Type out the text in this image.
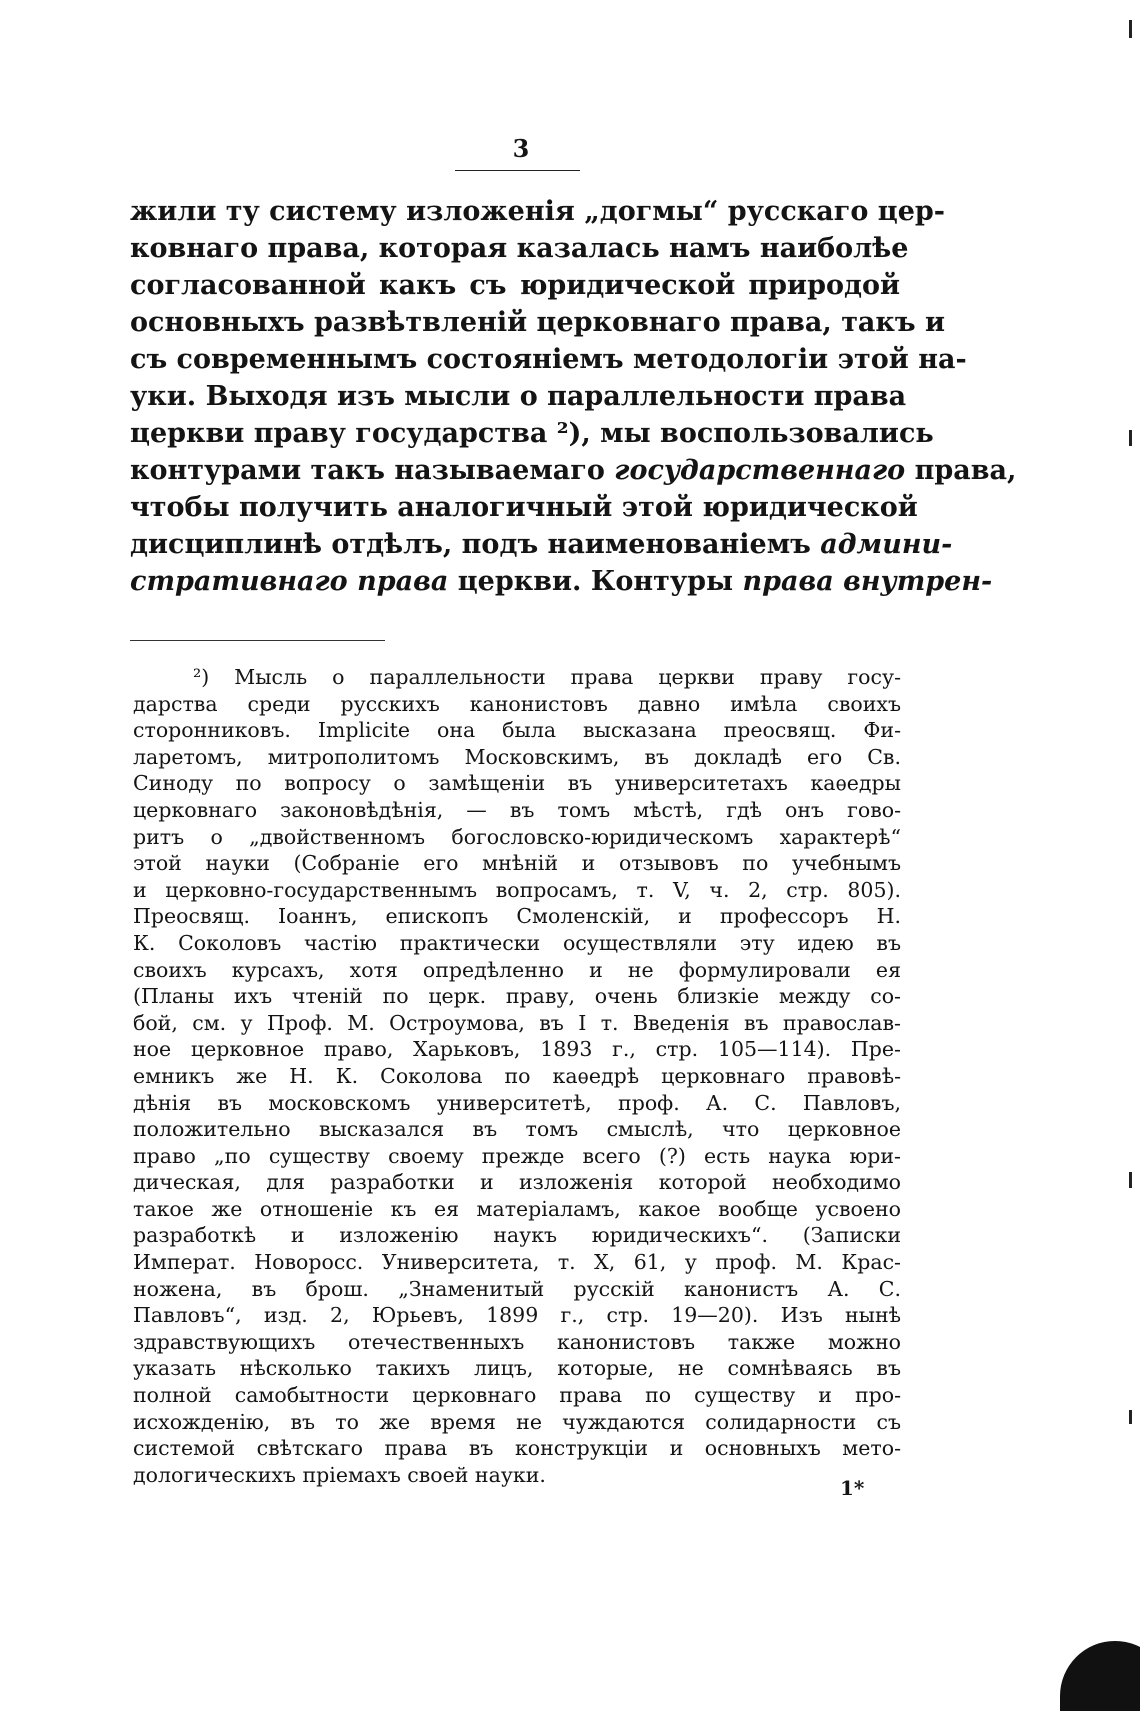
3
жили ту систему изложенія „догмы“ русскаго цер-
ковнаго права, которая казалась намъ наиболѣе
согласованной какъ съ юридической природой
основныхъ развѣтвленій церковнаго права, такъ и
съ современнымъ состояніемъ методологіи этой на-
уки. Выходя изъ мысли о параллельности права
церкви праву государства ²), мы воспользовались
контурами такъ называемаго государственнаго права,
чтобы получить аналогичный этой юридической
дисциплинѣ отдѣлъ, подъ наименованіемъ админи-
стративнаго права церкви. Контуры права внутрен-
²) Мысль о параллельности права церкви праву госу-
дарства среди русскихъ канонистовъ давно имѣла своихъ
сторонниковъ. Implicite она была высказана преосвящ. Фи-
ларетомъ, митрополитомъ Московскимъ, въ докладѣ его Св.
Синоду по вопросу о замѣщеніи въ университетахъ каѳедры
церковнаго законовѣдѣнія, — въ томъ мѣстѣ, гдѣ онъ гово-
ритъ о „двойственномъ богословско-юридическомъ характерѣ“
этой науки (Собраніе его мнѣній и отзывовъ по учебнымъ
и церковно-государственнымъ вопросамъ, т. V, ч. 2, стр. 805).
Преосвящ. Іоаннъ, епископъ Смоленскій, и профессоръ Н.
К. Соколовъ частію практически осуществляли эту идею въ
своихъ курсахъ, хотя опредѣленно и не формулировали ея
(Планы ихъ чтеній по церк. праву, очень близкіе между со-
бой, см. у Проф. М. Остроумова, въ I т. Введенія въ православ-
ное церковное право, Харьковъ, 1893 г., стр. 105—114). Пре-
емникъ же Н. К. Соколова по каѳедрѣ церковнаго правовѣ-
дѣнія въ московскомъ университетѣ, проф. А. С. Павловъ,
положительно высказался въ томъ смыслѣ, что церковное
право „по существу своему прежде всего (?) есть наука юри-
дическая, для разработки и изложенія которой необходимо
такое же отношеніе къ ея матеріаламъ, какое вообще усвоено
разработкѣ и изложенію наукъ юридическихъ“. (Записки
Императ. Новоросс. Университета, т. X, 61, у проф. М. Крас-
ножена, въ брош. „Знаменитый русскій канонистъ А. С.
Павловъ“, изд. 2, Юрьевъ, 1899 г., стр. 19—20). Изъ нынѣ
здравствующихъ отечественныхъ канонистовъ также можно
указать нѣсколько такихъ лицъ, которые, не сомнѣваясь въ
полной самобытности церковнаго права по существу и про-
исхожденію, въ то же время не чуждаются солидарности съ
системой свѣтскаго права въ конструкціи и основныхъ мето-
дологическихъ пріемахъ своей науки.
1*
